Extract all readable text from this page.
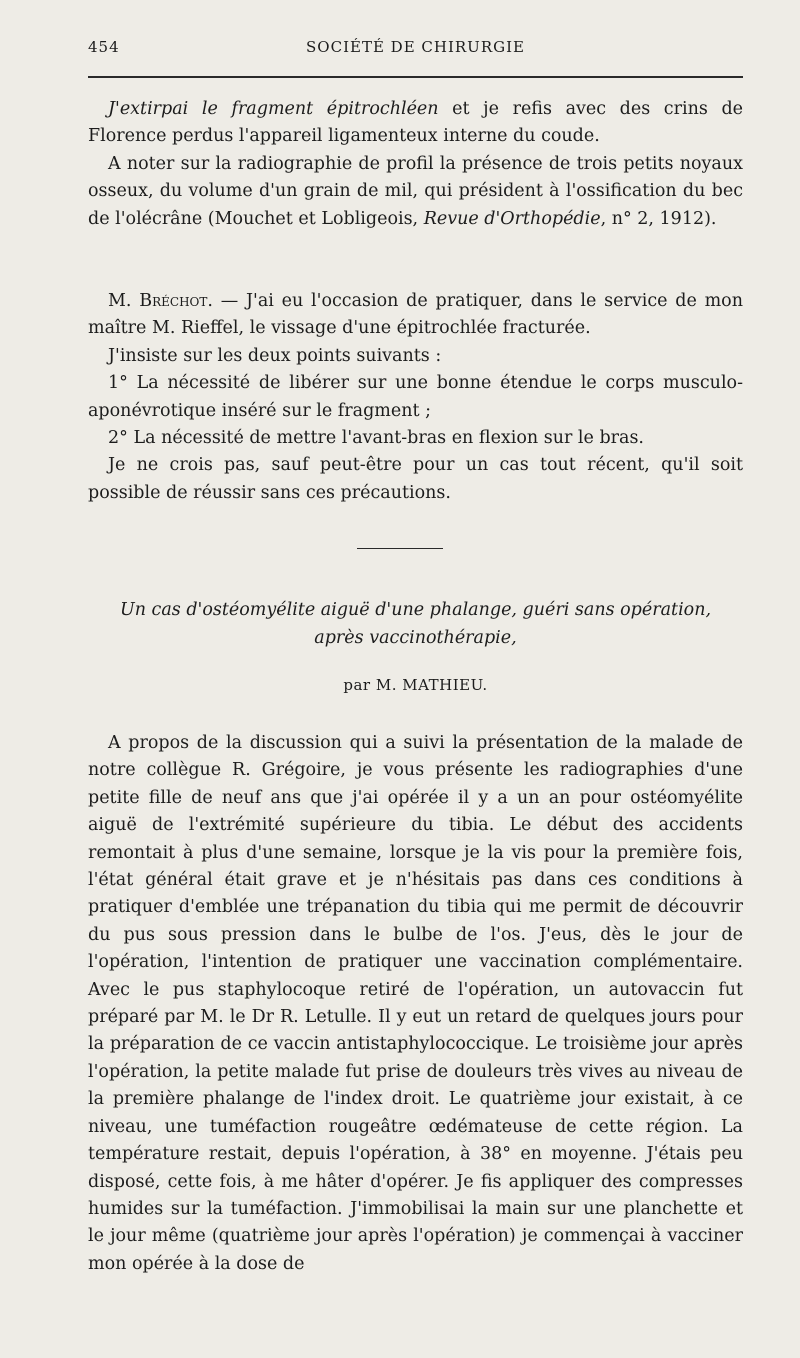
454	SOCIÉTÉ DE CHIRURGIE

J'extirpai le fragment épitrochléen et je refis avec des crins de Florence perdus l'appareil ligamenteux interne du coude.

A noter sur la radiographie de profil la présence de trois petits noyaux osseux, du volume d'un grain de mil, qui président à l'ossification du bec de l'olécrâne (Mouchet et Lobligeois, Revue d'Orthopédie, n° 2, 1912).

M. Bréchot. — J'ai eu l'occasion de pratiquer, dans le service de mon maître M. Rieffel, le vissage d'une épitrochlée fracturée.

J'insiste sur les deux points suivants :

1° La nécessité de libérer sur une bonne étendue le corps musculo-aponévrotique inséré sur le fragment ;

2° La nécessité de mettre l'avant-bras en flexion sur le bras.

Je ne crois pas, sauf peut-être pour un cas tout récent, qu'il soit possible de réussir sans ces précautions.

Un cas d'ostéomyélite aiguë d'une phalange, guéri sans opération,
après vaccinothérapie,
par M. MATHIEU.

A propos de la discussion qui a suivi la présentation de la malade de notre collègue R. Grégoire, je vous présente les radiographies d'une petite fille de neuf ans que j'ai opérée il y a un an pour ostéomyélite aiguë de l'extrémité supérieure du tibia. Le début des accidents remontait à plus d'une semaine, lorsque je la vis pour la première fois, l'état général était grave et je n'hésitais pas dans ces conditions à pratiquer d'emblée une trépanation du tibia qui me permit de découvrir du pus sous pression dans le bulbe de l'os. J'eus, dès le jour de l'opération, l'intention de pratiquer une vaccination complémentaire. Avec le pus staphylocoque retiré de l'opération, un autovaccin fut préparé par M. le Dr R. Letulle. Il y eut un retard de quelques jours pour la préparation de ce vaccin antistaphylococcique. Le troisième jour après l'opération, la petite malade fut prise de douleurs très vives au niveau de la première phalange de l'index droit. Le quatrième jour existait, à ce niveau, une tuméfaction rougeâtre œdémateuse de cette région. La température restait, depuis l'opération, à 38° en moyenne. J'étais peu disposé, cette fois, à me hâter d'opérer. Je fis appliquer des compresses humides sur la tuméfaction. J'immobilisai la main sur une planchette et le jour même (quatrième jour après l'opération) je commençai à vacciner mon opérée à la dose de
